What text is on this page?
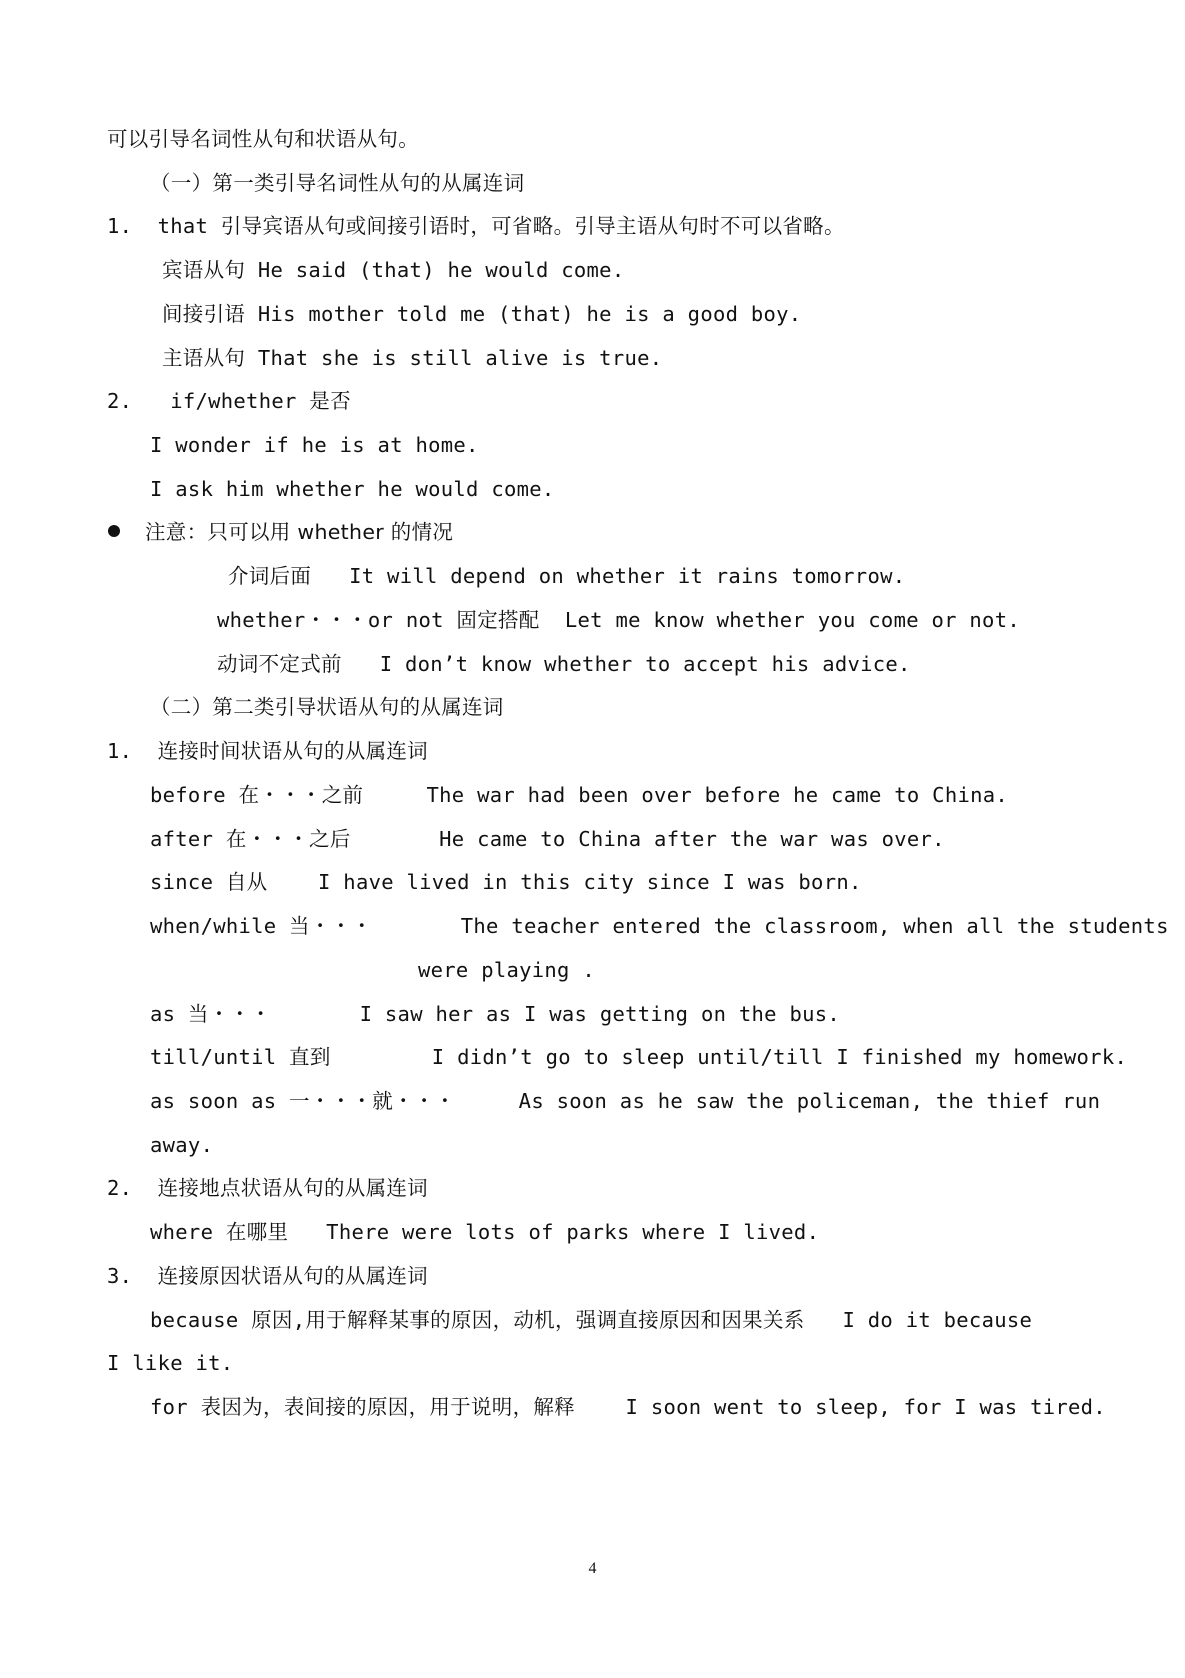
可以引导名词性从句和状语从句。
（一）第一类引导名词性从句的从属连词
1.  that 引导宾语从句或间接引语时，可省略。引导主语从句时不可以省略。
宾语从句 He said (that) he would come.
间接引语 His mother told me (that) he is a good boy.
主语从句 That she is still alive is true.
2.   if/whether 是否
I wonder if he is at home.
I ask him whether he would come.
注意：只可以用 whether 的情况
介词后面   It will depend on whether it rains tomorrow.
whether・・・or not 固定搭配  Let me know whether you come or not.
动词不定式前   I don’t know whether to accept his advice.
（二）第二类引导状语从句的从属连词
1.  连接时间状语从句的从属连词
before 在・・・之前     The war had been over before he came to China.
after 在・・・之后       He came to China after the war was over.
since 自从    I have lived in this city since I was born.
when/while 当・・・       The teacher entered the classroom, when all the students
were playing .
as 当・・・       I saw her as I was getting on the bus.
till/until 直到        I didn’t go to sleep until/till I finished my homework.
as soon as 一・・・就・・・     As soon as he saw the policeman, the thief run
away.
2.  连接地点状语从句的从属连词
where 在哪里   There were lots of parks where I lived.
3.  连接原因状语从句的从属连词
because 原因,用于解释某事的原因，动机，强调直接原因和因果关系   I do it because
I like it.
for 表因为，表间接的原因，用于说明，解释    I soon went to sleep, for I was tired.
4
